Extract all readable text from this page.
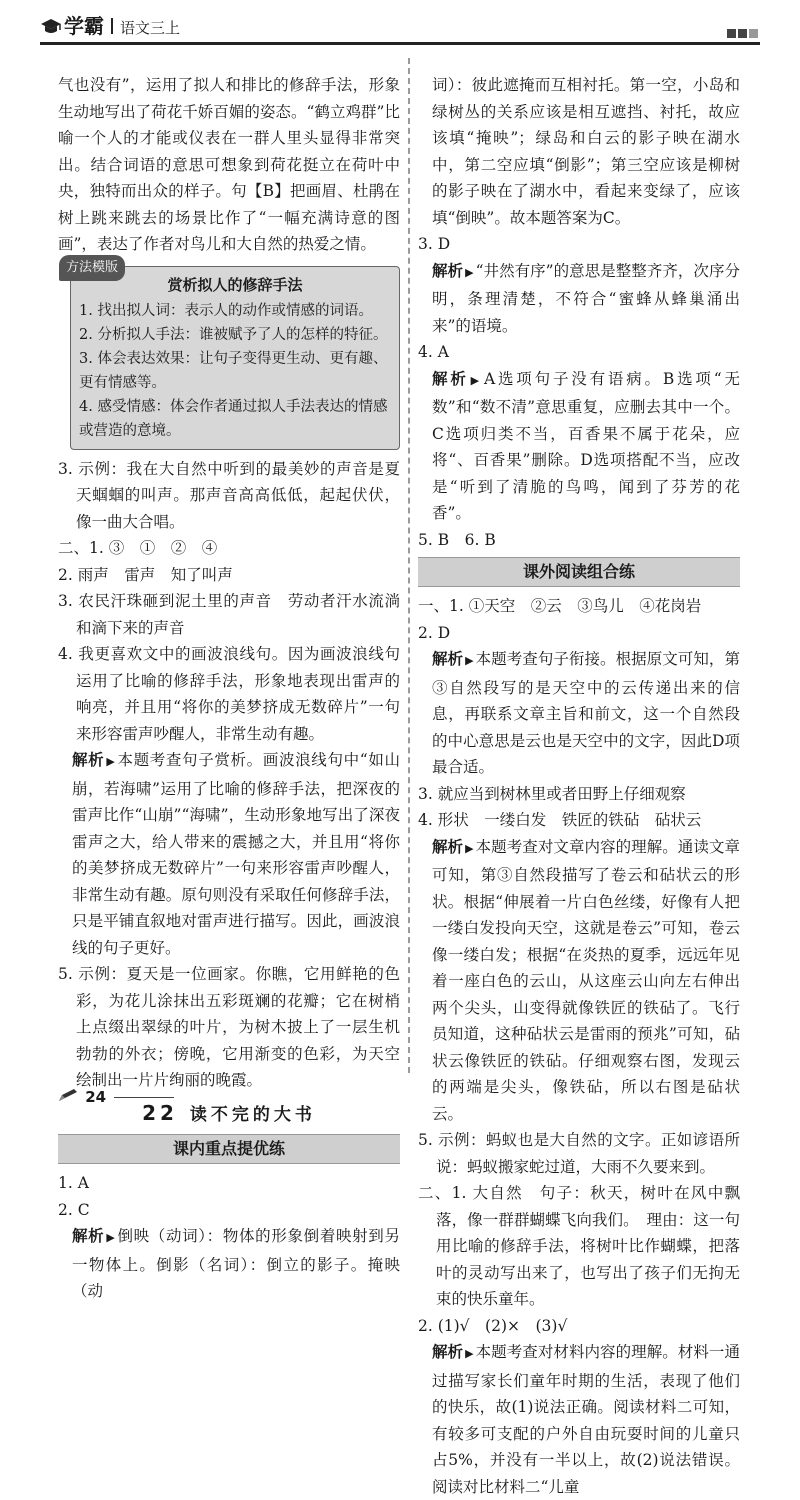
学霸 语文三上

气也没有”，运用了拟人和排比的修辞手法，形象生动地写出了荷花千娇百媚的姿态。“鹤立鸡群”比喻一个人的才能或仪表在一群人里头显得非常突出。结合词语的意思可想象到荷花挺立在荷叶中央，独特而出众的样子。句【B】把画眉、杜鹃在树上跳来跳去的场景比作了“一幅充满诗意的图画”，表达了作者对鸟儿和大自然的热爱之情。

方法模版
赏析拟人的修辞手法
1. 找出拟人词：表示人的动作或情感的词语。
2. 分析拟人手法：谁被赋予了人的怎样的特征。
3. 体会表达效果：让句子变得更生动、更有趣、更有情感等。
4. 感受情感：体会作者通过拟人手法表达的情感或营造的意境。

3. 示例：我在大自然中听到的最美妙的声音是夏天蝈蝈的叫声。那声音高高低低，起起伏伏，像一曲大合唱。

二、1. ③　①　②　④

2. 雨声　雷声　知了叫声

3. 农民汗珠砸到泥土里的声音　劳动者汗水流淌和滴下来的声音

4. 我更喜欢文中的画波浪线句。因为画波浪线句运用了比喻的修辞手法，形象地表现出雷声的响亮，并且用“将你的美梦挤成无数碎片”一句来形容雷声吵醒人，非常生动有趣。

解析 ▶ 本题考查句子赏析。画波浪线句中“如山崩，若海啸”运用了比喻的修辞手法，把深夜的雷声比作“山崩”“海啸”，生动形象地写出了深夜雷声之大，给人带来的震撼之大，并且用“将你的美梦挤成无数碎片”一句来形容雷声吵醒人，非常生动有趣。原句则没有采取任何修辞手法，只是平铺直叙地对雷声进行描写。因此，画波浪线的句子更好。

5. 示例：夏天是一位画家。你瞧，它用鲜艳的色彩，为花儿涂抹出五彩斑斓的花瓣；它在树梢上点缀出翠绿的叶片，为树木披上了一层生机勃勃的外衣；傍晚，它用渐变的色彩，为天空绘制出一片片绚丽的晚霞。

22 读不完的大书
课内重点提优练

1. A

2. C

解析 ▶ 倒映（动词）：物体的形象倒着映射到另一物体上。倒影（名词）：倒立的影子。掩映（动

词）：彼此遮掩而互相衬托。第一空，小岛和绿树丛的关系应该是相互遮挡、衬托，故应该填“掩映”；绿岛和白云的影子映在湖水中，第二空应填“倒影”；第三空应该是柳树的影子映在了湖水中，看起来变绿了，应该填“倒映”。故本题答案为C。

3. D

解析 ▶ “井然有序”的意思是整整齐齐，次序分明，条理清楚，不符合“蜜蜂从蜂巢涌出来”的语境。

4. A

解析 ▶ A选项句子没有语病。B选项“无数”和“数不清”意思重复，应删去其中一个。C选项归类不当，百香果不属于花朵，应将“、百香果”删除。D选项搭配不当，应改是“听到了清脆的鸟鸣，闻到了芬芳的花香”。

5. B　6. B

课外阅读组合练

一、1. ①天空　②云　③鸟儿　④花岗岩

2. D

解析 ▶ 本题考查句子衔接。根据原文可知，第③自然段写的是天空中的云传递出来的信息，再联系文章主旨和前文，这一个自然段的中心意思是云也是天空中的文字，因此D项最合适。

3. 就应当到树林里或者田野上仔细观察

4. 形状　一缕白发　铁匠的铁砧　砧状云

解析 ▶ 本题考查对文章内容的理解。通读文章可知，第③自然段描写了卷云和砧状云的形状。根据“伸展着一片白色丝缕，好像有人把一缕白发投向天空，这就是卷云”可知，卷云像一缕白发；根据“在炎热的夏季，远远年见着一座白色的云山，从这座云山向左右伸出两个尖头，山变得就像铁匠的铁砧了。飞行员知道，这种砧状云是雷雨的预兆”可知，砧状云像铁匠的铁砧。仔细观察右图，发现云的两端是尖头，像铁砧，所以右图是砧状云。

5. 示例：蚂蚁也是大自然的文字。正如谚语所说：蚂蚁搬家蛇过道，大雨不久要来到。

二、1. 大自然　句子：秋天，树叶在风中飘落，像一群群蝴蝶飞向我们。　理由：这一句用比喻的修辞手法，将树叶比作蝴蝶，把落叶的灵动写出来了，也写出了孩子们无拘无束的快乐童年。

2. (1)√　(2)×　(3)√

解析 ▶ 本题考查对材料内容的理解。材料一通过描写家长们童年时期的生活，表现了他们的快乐，故(1)说法正确。阅读材料二可知，有较多可支配的户外自由玩耍时间的儿童只占5%，并没有一半以上，故(2)说法错误。阅读对比材料二“儿童

24
